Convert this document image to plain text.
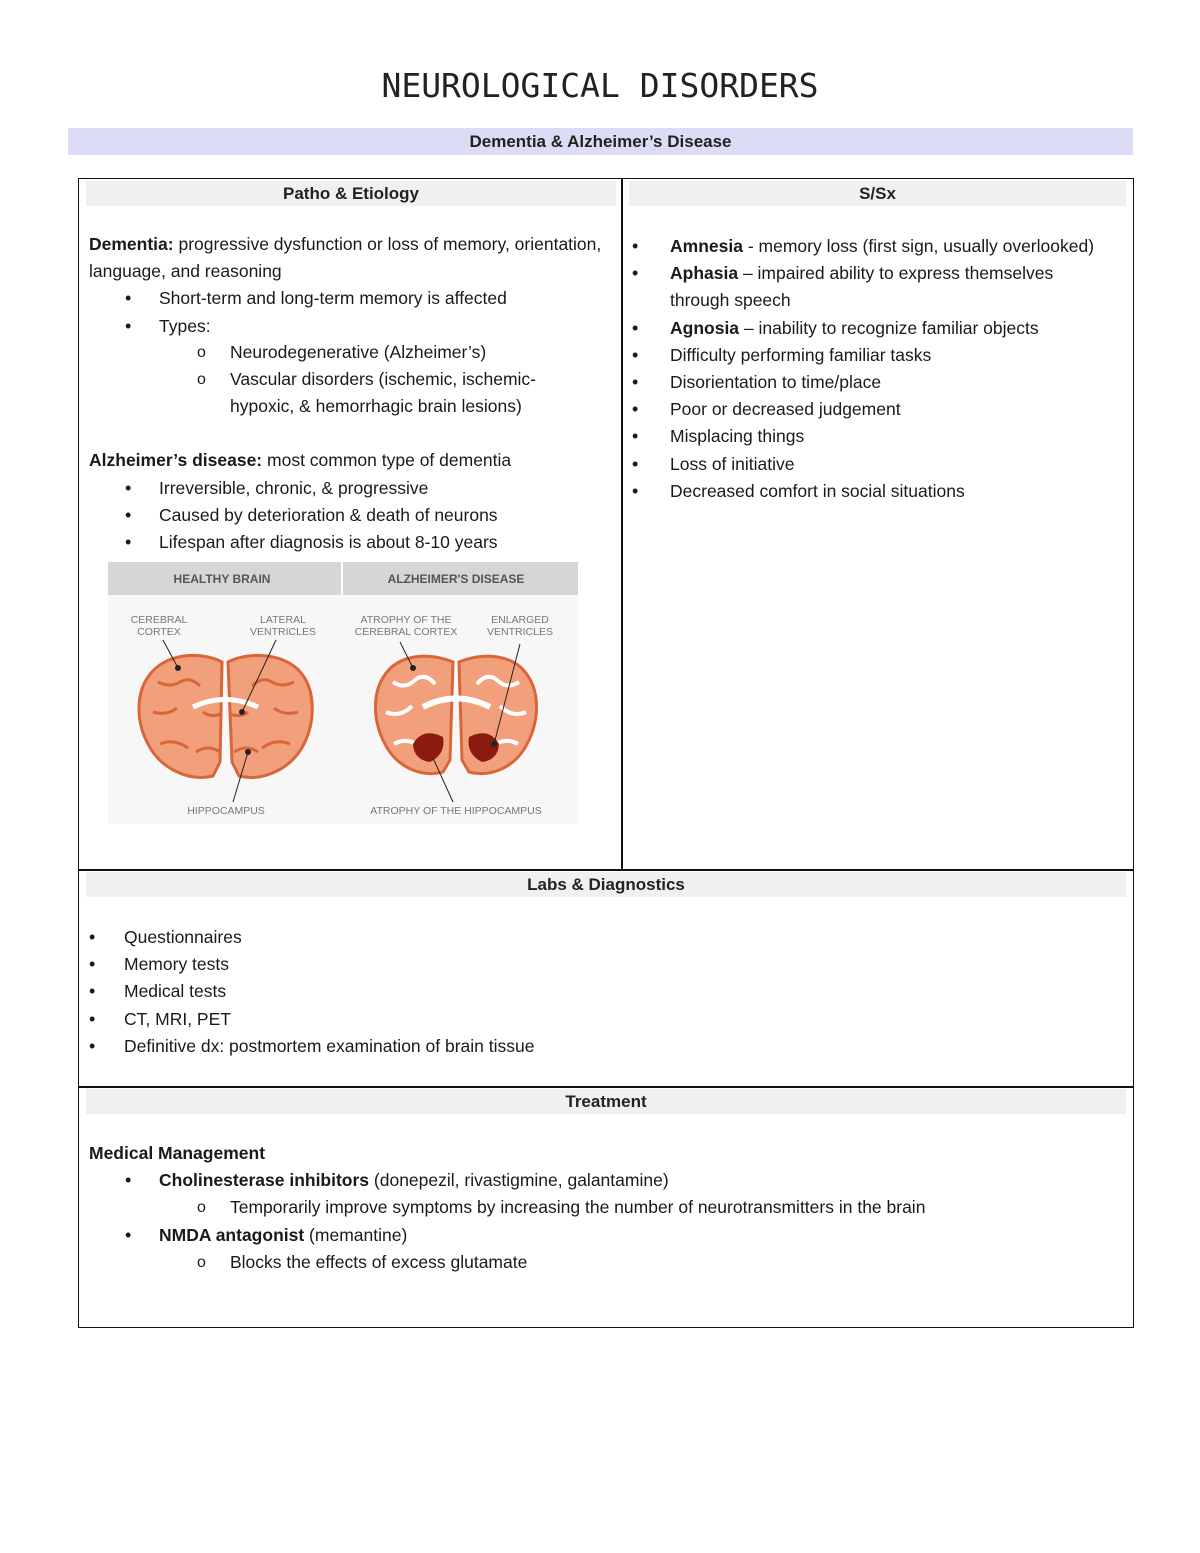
NEUROLOGICAL DISORDERS
Dementia & Alzheimer’s Disease
Patho & Etiology	S/Sx

Dementia: progressive dysfunction or loss of memory, orientation, language, and reasoning

• Short-term and long-term memory is affected
• Types:
o Neurodegenerative (Alzheimer’s)
o Vascular disorders (ischemic, ischemic-hypoxic, & hemorrhagic brain lesions)

Alzheimer’s disease: most common type of dementia

• Irreversible, chronic, & progressive
• Caused by deterioration & death of neurons
• Lifespan after diagnosis is about 8-10 years
HEALTHY BRAIN	ALZHEIMER'S DISEASE
CEREBRAL
CORTEX
LATERAL
VENTRICLES
HIPPOCAMPUS
ATROPHY OF THE
CEREBRAL CORTEX
ENLARGED
VENTRICLES
ATROPHY OF THE HIPPOCAMPUS
• Amnesia - memory loss (first sign, usually overlooked)
• Aphasia – impaired ability to express themselves through speech
• Agnosia – inability to recognize familiar objects
• Difficulty performing familiar tasks
• Disorientation to time/place
• Poor or decreased judgement
• Misplacing things
• Loss of initiative
• Decreased comfort in social situations
Labs & Diagnostics
• Questionnaires
• Memory tests
• Medical tests
• CT, MRI, PET
• Definitive dx: postmortem examination of brain tissue
Treatment

Medical Management

• Cholinesterase inhibitors (donepezil, rivastigmine, galantamine)
o Temporarily improve symptoms by increasing the number of neurotransmitters in the brain
• NMDA antagonist (memantine)
o Blocks the effects of excess glutamate
